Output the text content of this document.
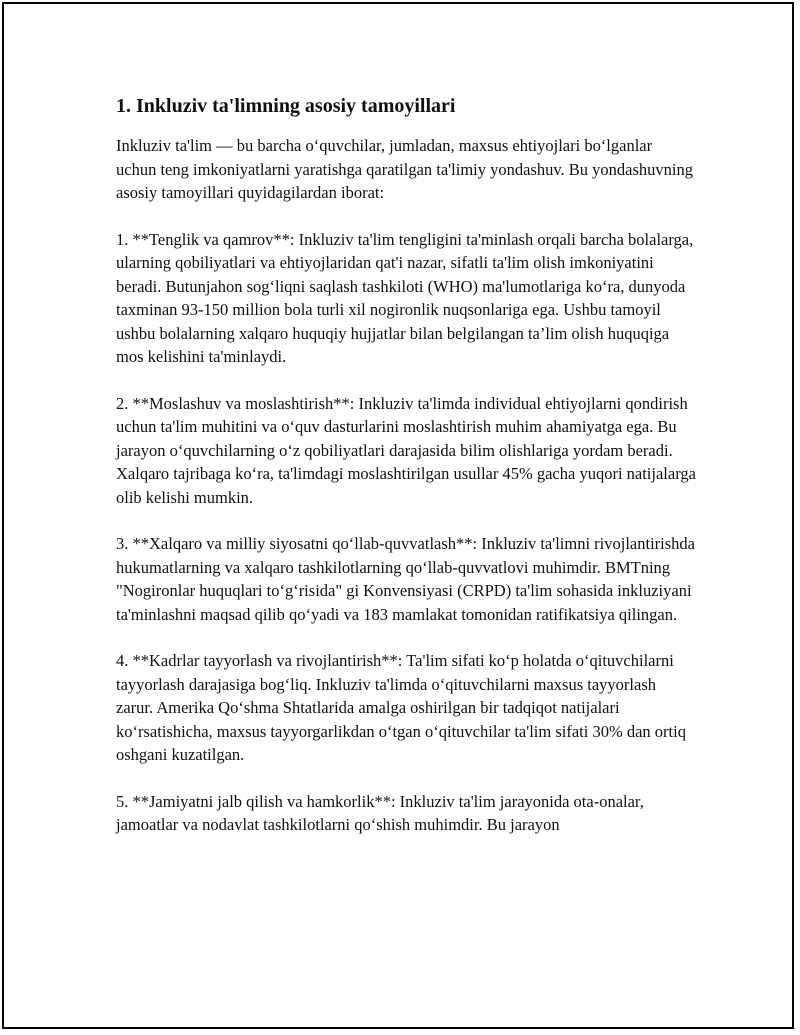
1. Inkluziv ta'limning asosiy tamoyillari

Inkluziv ta'lim — bu barcha o‘quvchilar, jumladan, maxsus ehtiyojlari bo‘lganlar uchun teng imkoniyatlarni yaratishga qaratilgan ta'limiy yondashuv. Bu yondashuvning asosiy tamoyillari quyidagilardan iborat:

1. **Tenglik va qamrov**: Inkluziv ta'lim tengligini ta'minlash orqali barcha bolalarga, ularning qobiliyatlari va ehtiyojlaridan qat'i nazar, sifatli ta'lim olish imkoniyatini beradi. Butunjahon sog‘liqni saqlash tashkiloti (WHO) ma'lumotlariga ko‘ra, dunyoda taxminan 93-150 million bola turli xil nogironlik nuqsonlariga ega. Ushbu tamoyil ushbu bolalarning xalqaro huquqiy hujjatlar bilan belgilangan ta’lim olish huquqiga mos kelishini ta'minlaydi.

2. **Moslashuv va moslashtirish**: Inkluziv ta'limda individual ehtiyojlarni qondirish uchun ta'lim muhitini va o‘quv dasturlarini moslashtirish muhim ahamiyatga ega. Bu jarayon o‘quvchilarning o‘z qobiliyatlari darajasida bilim olishlariga yordam beradi. Xalqaro tajribaga ko‘ra, ta'limdagi moslashtirilgan usullar 45% gacha yuqori natijalarga olib kelishi mumkin.

3. **Xalqaro va milliy siyosatni qo‘llab-quvvatlash**: Inkluziv ta'limni rivojlantirishda hukumatlarning va xalqaro tashkilotlarning qo‘llab-quvvatlovi muhimdir. BMTning "Nogironlar huquqlari to‘g‘risida" gi Konvensiyasi (CRPD) ta'lim sohasida inkluziyani ta'minlashni maqsad qilib qo‘yadi va 183 mamlakat tomonidan ratifikatsiya qilingan.

4. **Kadrlar tayyorlash va rivojlantirish**: Ta'lim sifati ko‘p holatda o‘qituvchilarni tayyorlash darajasiga bog‘liq. Inkluziv ta'limda o‘qituvchilarni maxsus tayyorlash zarur. Amerika Qo‘shma Shtatlarida amalga oshirilgan bir tadqiqot natijalari ko‘rsatishicha, maxsus tayyorgarlikdan o‘tgan o‘qituvchilar ta'lim sifati 30% dan ortiq oshgani kuzatilgan.

5. **Jamiyatni jalb qilish va hamkorlik**: Inkluziv ta'lim jarayonida ota-onalar, jamoatlar va nodavlat tashkilotlarni qo‘shish muhimdir. Bu jarayon
